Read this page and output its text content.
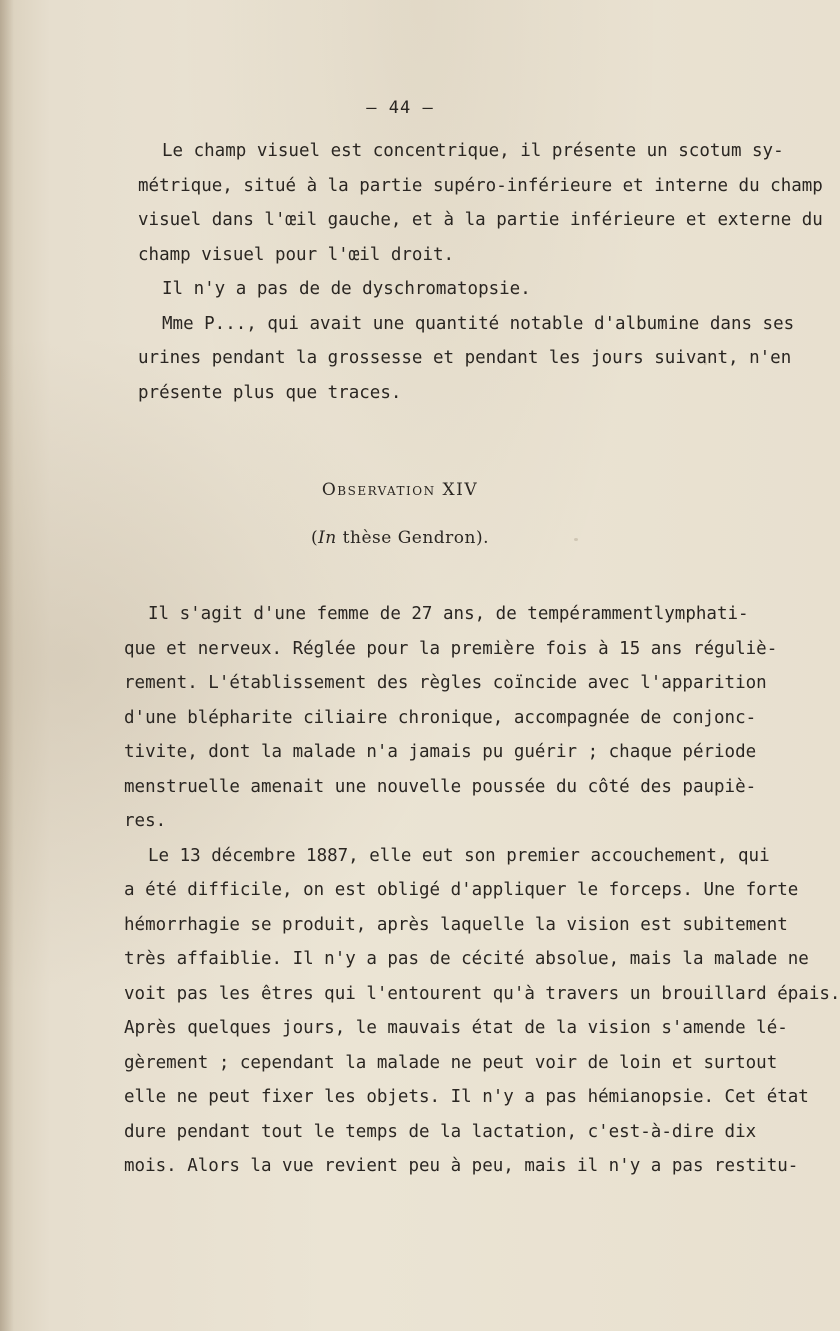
— 44 —
Le champ visuel est concentrique, il présente un scotum sy-
métrique, situé à la partie supéro-inférieure et interne du champ
visuel dans l'œil gauche, et à la partie inférieure et externe du
champ visuel pour l'œil droit.
Il n'y a pas de de dyschromatopsie.
Mme P..., qui avait une quantité notable d'albumine dans ses
urines pendant la grossesse et pendant les jours suivant, n'en
présente plus que traces.
Observation XIV
(In thèse Gendron).
Il s'agit d'une femme de 27 ans, de tempérammentlymphati-
que et nerveux. Réglée pour la première fois à 15 ans réguliè-
rement. L'établissement des règles coïncide avec l'apparition
d'une blépharite ciliaire chronique, accompagnée de conjonc-
tivite, dont la malade n'a jamais pu guérir ; chaque période
menstruelle amenait une nouvelle poussée du côté des paupiè-
res.
Le 13 décembre 1887, elle eut son premier accouchement, qui
a été difficile, on est obligé d'appliquer le forceps. Une forte
hémorrhagie se produit, après laquelle la vision est subitement
très affaiblie. Il n'y a pas de cécité absolue, mais la malade ne
voit pas les êtres qui l'entourent qu'à travers un brouillard épais.
Après quelques jours, le mauvais état de la vision s'amende lé-
gèrement ; cependant la malade ne peut voir de loin et surtout
elle ne peut fixer les objets. Il n'y a pas hémianopsie. Cet état
dure pendant tout le temps de la lactation, c'est-à-dire dix
mois. Alors la vue revient peu à peu, mais il n'y a pas restitu-
